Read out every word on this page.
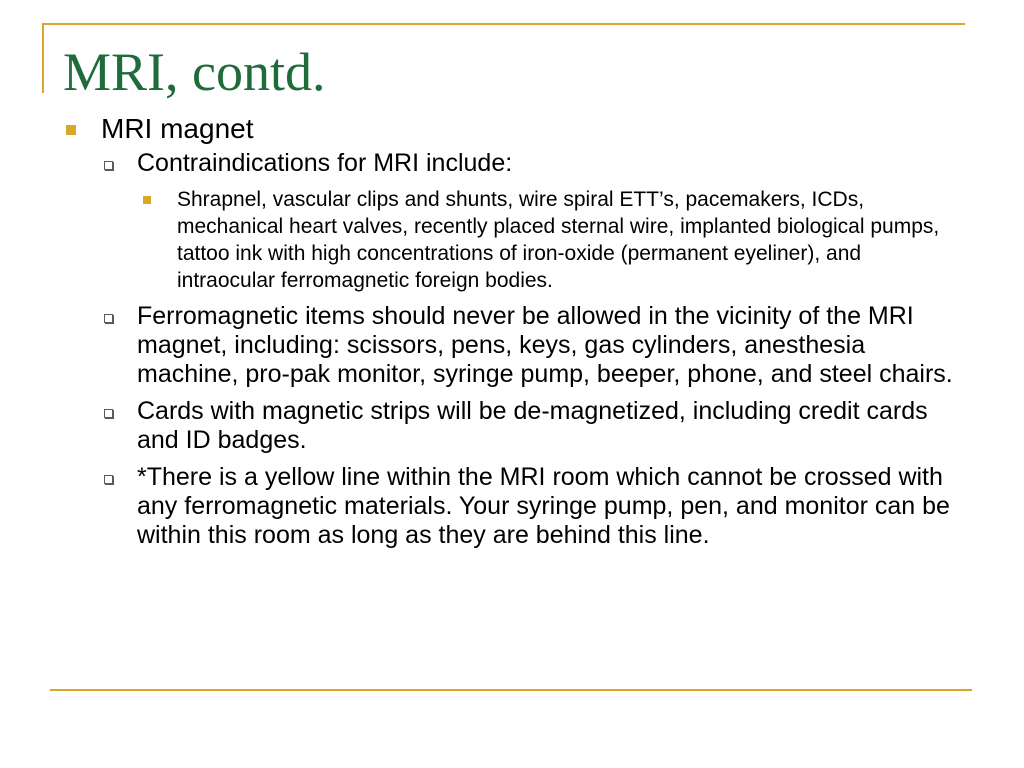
MRI, contd.
MRI magnet
Contraindications for MRI include:
Shrapnel, vascular clips and shunts, wire spiral ETT’s, pacemakers, ICDs, mechanical heart valves, recently placed sternal wire, implanted biological pumps, tattoo ink with high concentrations of iron-oxide (permanent eyeliner), and intraocular ferromagnetic foreign bodies.
Ferromagnetic items should never be allowed in the vicinity of the MRI magnet, including: scissors, pens, keys, gas cylinders, anesthesia machine, pro-pak monitor, syringe pump, beeper, phone, and steel chairs.
Cards with magnetic strips will be de-magnetized, including credit cards and ID badges.
*There is a yellow line within the MRI room which cannot be crossed with any ferromagnetic materials. Your syringe pump, pen, and monitor can be within this room as long as they are behind this line.
